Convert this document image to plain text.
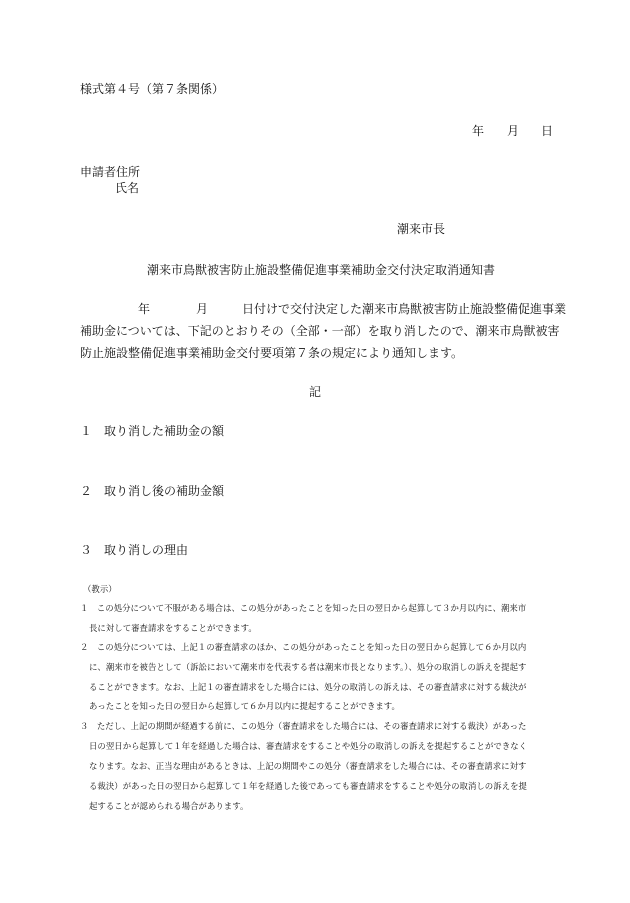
様式第４号（第７条関係）
年 月 日
申請者住所
氏名
潮来市長
潮来市鳥獣被害防止施設整備促進事業補助金交付決定取消通知書
年	月	日付けで交付決定した潮来市鳥獣被害防止施設整備促進事業
補助金については、下記のとおりその（全部・一部）を取り消したので、潮来市鳥獣被害
防止施設整備促進事業補助金交付要項第７条の規定により通知します。
記
１ 取り消した補助金の額
２ 取り消し後の補助金額
３ 取り消しの理由
（教示）
１　この処分について不服がある場合は、この処分があったことを知った日の翌日から起算して３か月以内に、潮来市
長に対して審査請求をすることができます。
２　この処分については、上記１の審査請求のほか、この処分があったことを知った日の翌日から起算して６か月以内
に、潮来市を被告として（訴訟において潮来市を代表する者は潮来市長となります。）、処分の取消しの訴えを提起す
ることができます。なお、上記１の審査請求をした場合には、処分の取消しの訴えは、その審査請求に対する裁決が
あったことを知った日の翌日から起算して６か月以内に提起することができます。
３　ただし、上記の期間が経過する前に、この処分（審査請求をした場合には、その審査請求に対する裁決）があった
日の翌日から起算して１年を経過した場合は、審査請求をすることや処分の取消しの訴えを提起することができなく
なります。なお、正当な理由があるときは、上記の期間やこの処分（審査請求をした場合には、その審査請求に対す
る裁決）があった日の翌日から起算して１年を経過した後であっても審査請求をすることや処分の取消しの訴えを提
起することが認められる場合があります。
